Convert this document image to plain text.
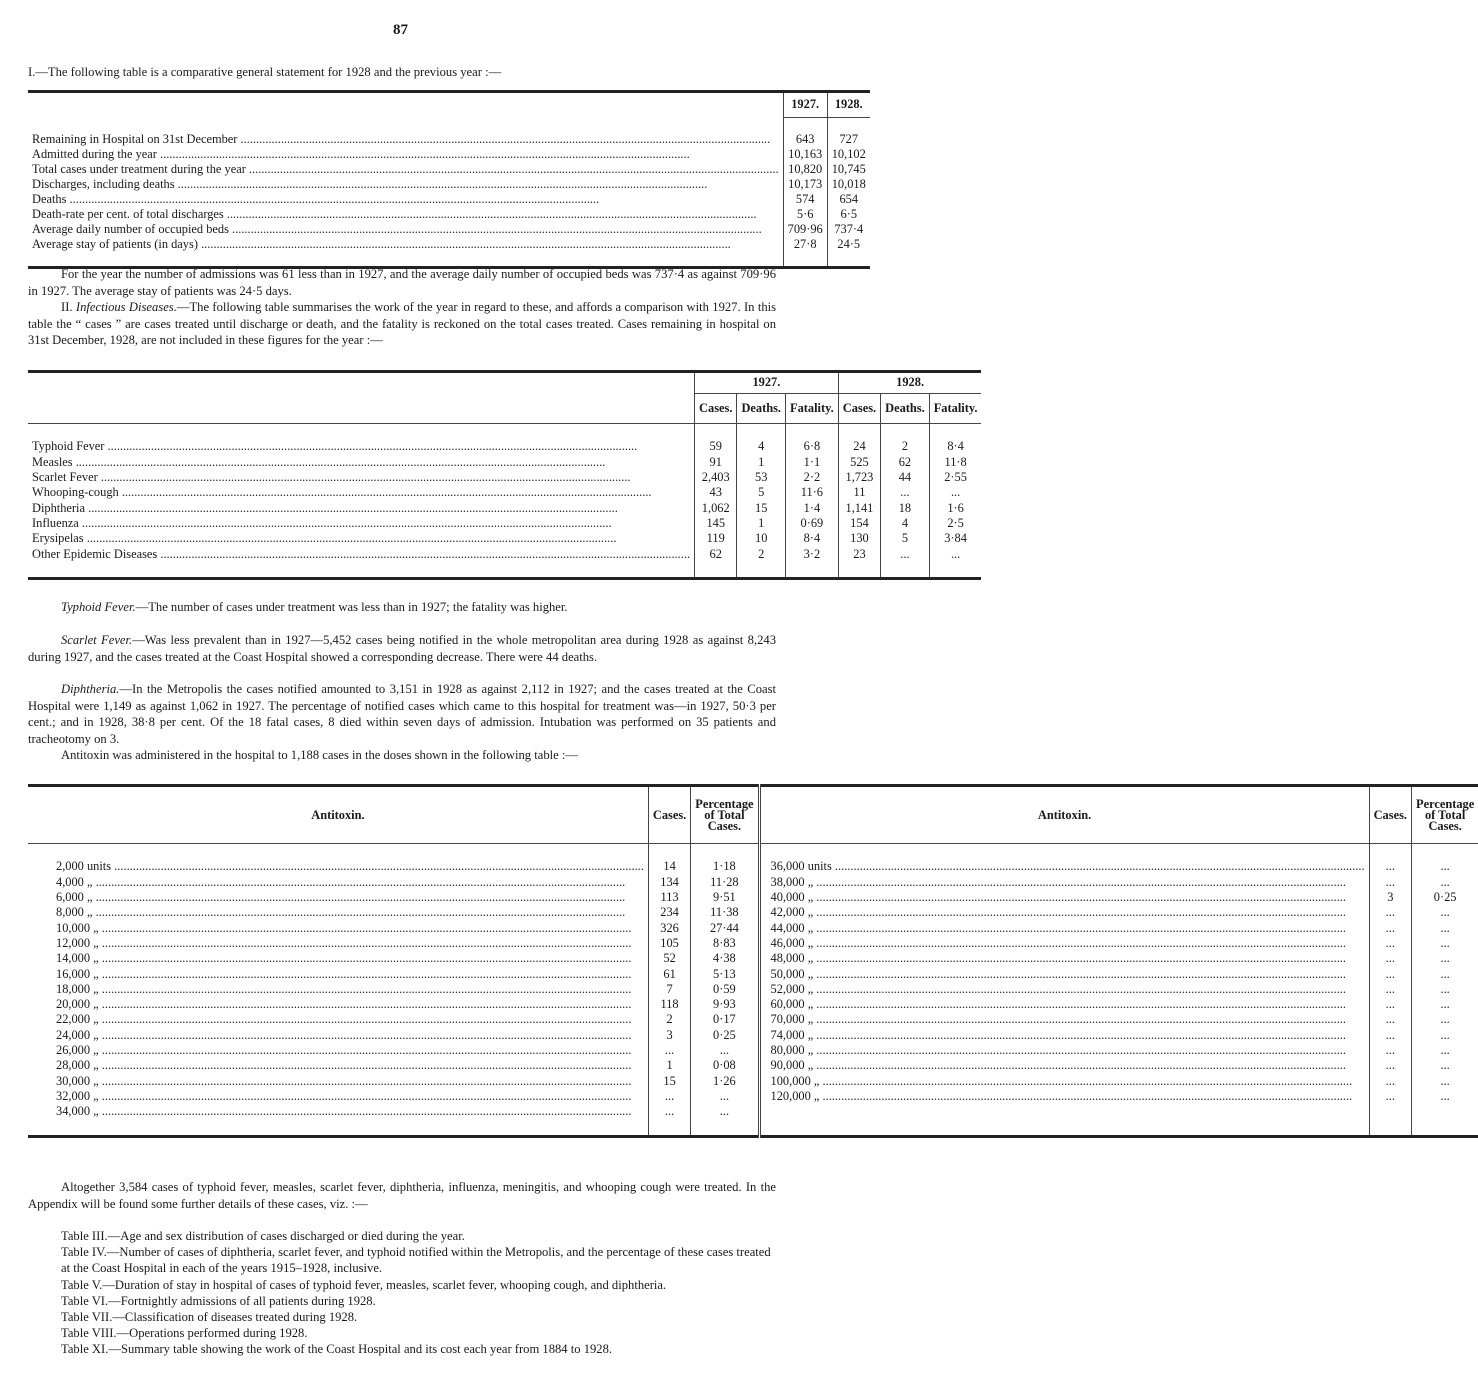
87

I.—The following table is a comparative general statement for 1928 and the previous year :—

	1927.	1928.

Remaining in Hospital on 31st December .....	643	727
Admitted during the year .....	10,163	10,102
Total cases under treatment during the year .....	10,820	10,745
Discharges, including deaths .....	10,173	10,018
Deaths .....	574	654
Death-rate per cent. of total discharges .....	5·6	6·5
Average daily number of occupied beds .....	709·96	737·4
Average stay of patients (in days) .....	27·8	24·5

For the year the number of admissions was 61 less than in 1927, and the average daily number of occupied beds was 737·4 as against 709·96 in 1927. The average stay of patients was 24·5 days.

II. Infectious Diseases.—The following table summarises the work of the year in regard to these, and affords a comparison with 1927. In this table the “ cases ” are cases treated until discharge or death, and the fatality is reckoned on the total cases treated. Cases remaining in hospital on 31st December, 1928, are not included in these figures for the year :—

	1927.			1928.		
	Cases.	Deaths.	Fatality.	Cases.	Deaths.	Fatality.

Typhoid Fever .....	59	4	6·8	24	2	8·4
Measles .....	91	1	1·1	525	62	11·8
Scarlet Fever .....	2,403	53	2·2	1,723	44	2·55
Whooping-cough .....	43	5	11·6	11	...	...
Diphtheria .....	1,062	15	1·4	1,141	18	1·6
Influenza .....	145	1	0·69	154	4	2·5
Erysipelas .....	119	10	8·4	130	5	3·84
Other Epidemic Diseases .....	62	2	3·2	23	...	...

Typhoid Fever.—The number of cases under treatment was less than in 1927; the fatality was higher.

Scarlet Fever.—Was less prevalent than in 1927—5,452 cases being notified in the whole metropolitan area during 1928 as against 8,243 during 1927, and the cases treated at the Coast Hospital showed a corresponding decrease. There were 44 deaths.

Diphtheria.—In the Metropolis the cases notified amounted to 3,151 in 1928 as against 2,112 in 1927; and the cases treated at the Coast Hospital were 1,149 as against 1,062 in 1927. The percentage of notified cases which came to this hospital for treatment was—in 1927, 50·3 per cent.; and in 1928, 38·8 per cent. Of the 18 fatal cases, 8 died within seven days of admission. Intubation was performed on 35 patients and tracheotomy on 3.

Antitoxin was administered in the hospital to 1,188 cases in the doses shown in the following table :—

Antitoxin.	Cases.	Percentage of Total Cases.	Antitoxin.	Cases.	Percentage of Total Cases.

2,000 units .....	14	1·18	36,000 units .....	...	...
4,000 „ .....	134	11·28	38,000 „ .....	...	...
6,000 „ .....	113	9·51	40,000 „ .....	3	0·25
8,000 „ .....	234	11·38	42,000 „ .....	...	...
10,000 „ .....	326	27·44	44,000 „ .....	...	...
12,000 „ .....	105	8·83	46,000 „ .....	...	...
14,000 „ .....	52	4·38	48,000 „ .....	...	...
16,000 „ .....	61	5·13	50,000 „ .....	...	...
18,000 „ .....	7	0·59	52,000 „ .....	...	...
20,000 „ .....	118	9·93	60,000 „ .....	...	...
22,000 „ .....	2	0·17	70,000 „ .....	...	...
24,000 „ .....	3	0·25	74,000 „ .....	...	...
26,000 „ .....	...	...	80,000 „ .....	...	...
28,000 „ .....	1	0·08	90,000 „ .....	...	...
30,000 „ .....	15	1·26	100,000 „ .....	...	...
32,000 „ .....	...	...	120,000 „ .....	...	...
34,000 „ .....	...	...			

Altogether 3,584 cases of typhoid fever, measles, scarlet fever, diphtheria, influenza, meningitis, and whooping cough were treated. In the Appendix will be found some further details of these cases, viz. :—

Table III.—Age and sex distribution of cases discharged or died during the year.
Table IV.—Number of cases of diphtheria, scarlet fever, and typhoid notified within the Metropolis, and the percentage of these cases treated at the Coast Hospital in each of the years 1915–1928, inclusive.
Table V.—Duration of stay in hospital of cases of typhoid fever, measles, scarlet fever, whooping cough, and diphtheria.
Table VI.—Fortnightly admissions of all patients during 1928.
Table VII.—Classification of diseases treated during 1928.
Table VIII.—Operations performed during 1928.
Table XI.—Summary table showing the work of the Coast Hospital and its cost each year from 1884 to 1928.
